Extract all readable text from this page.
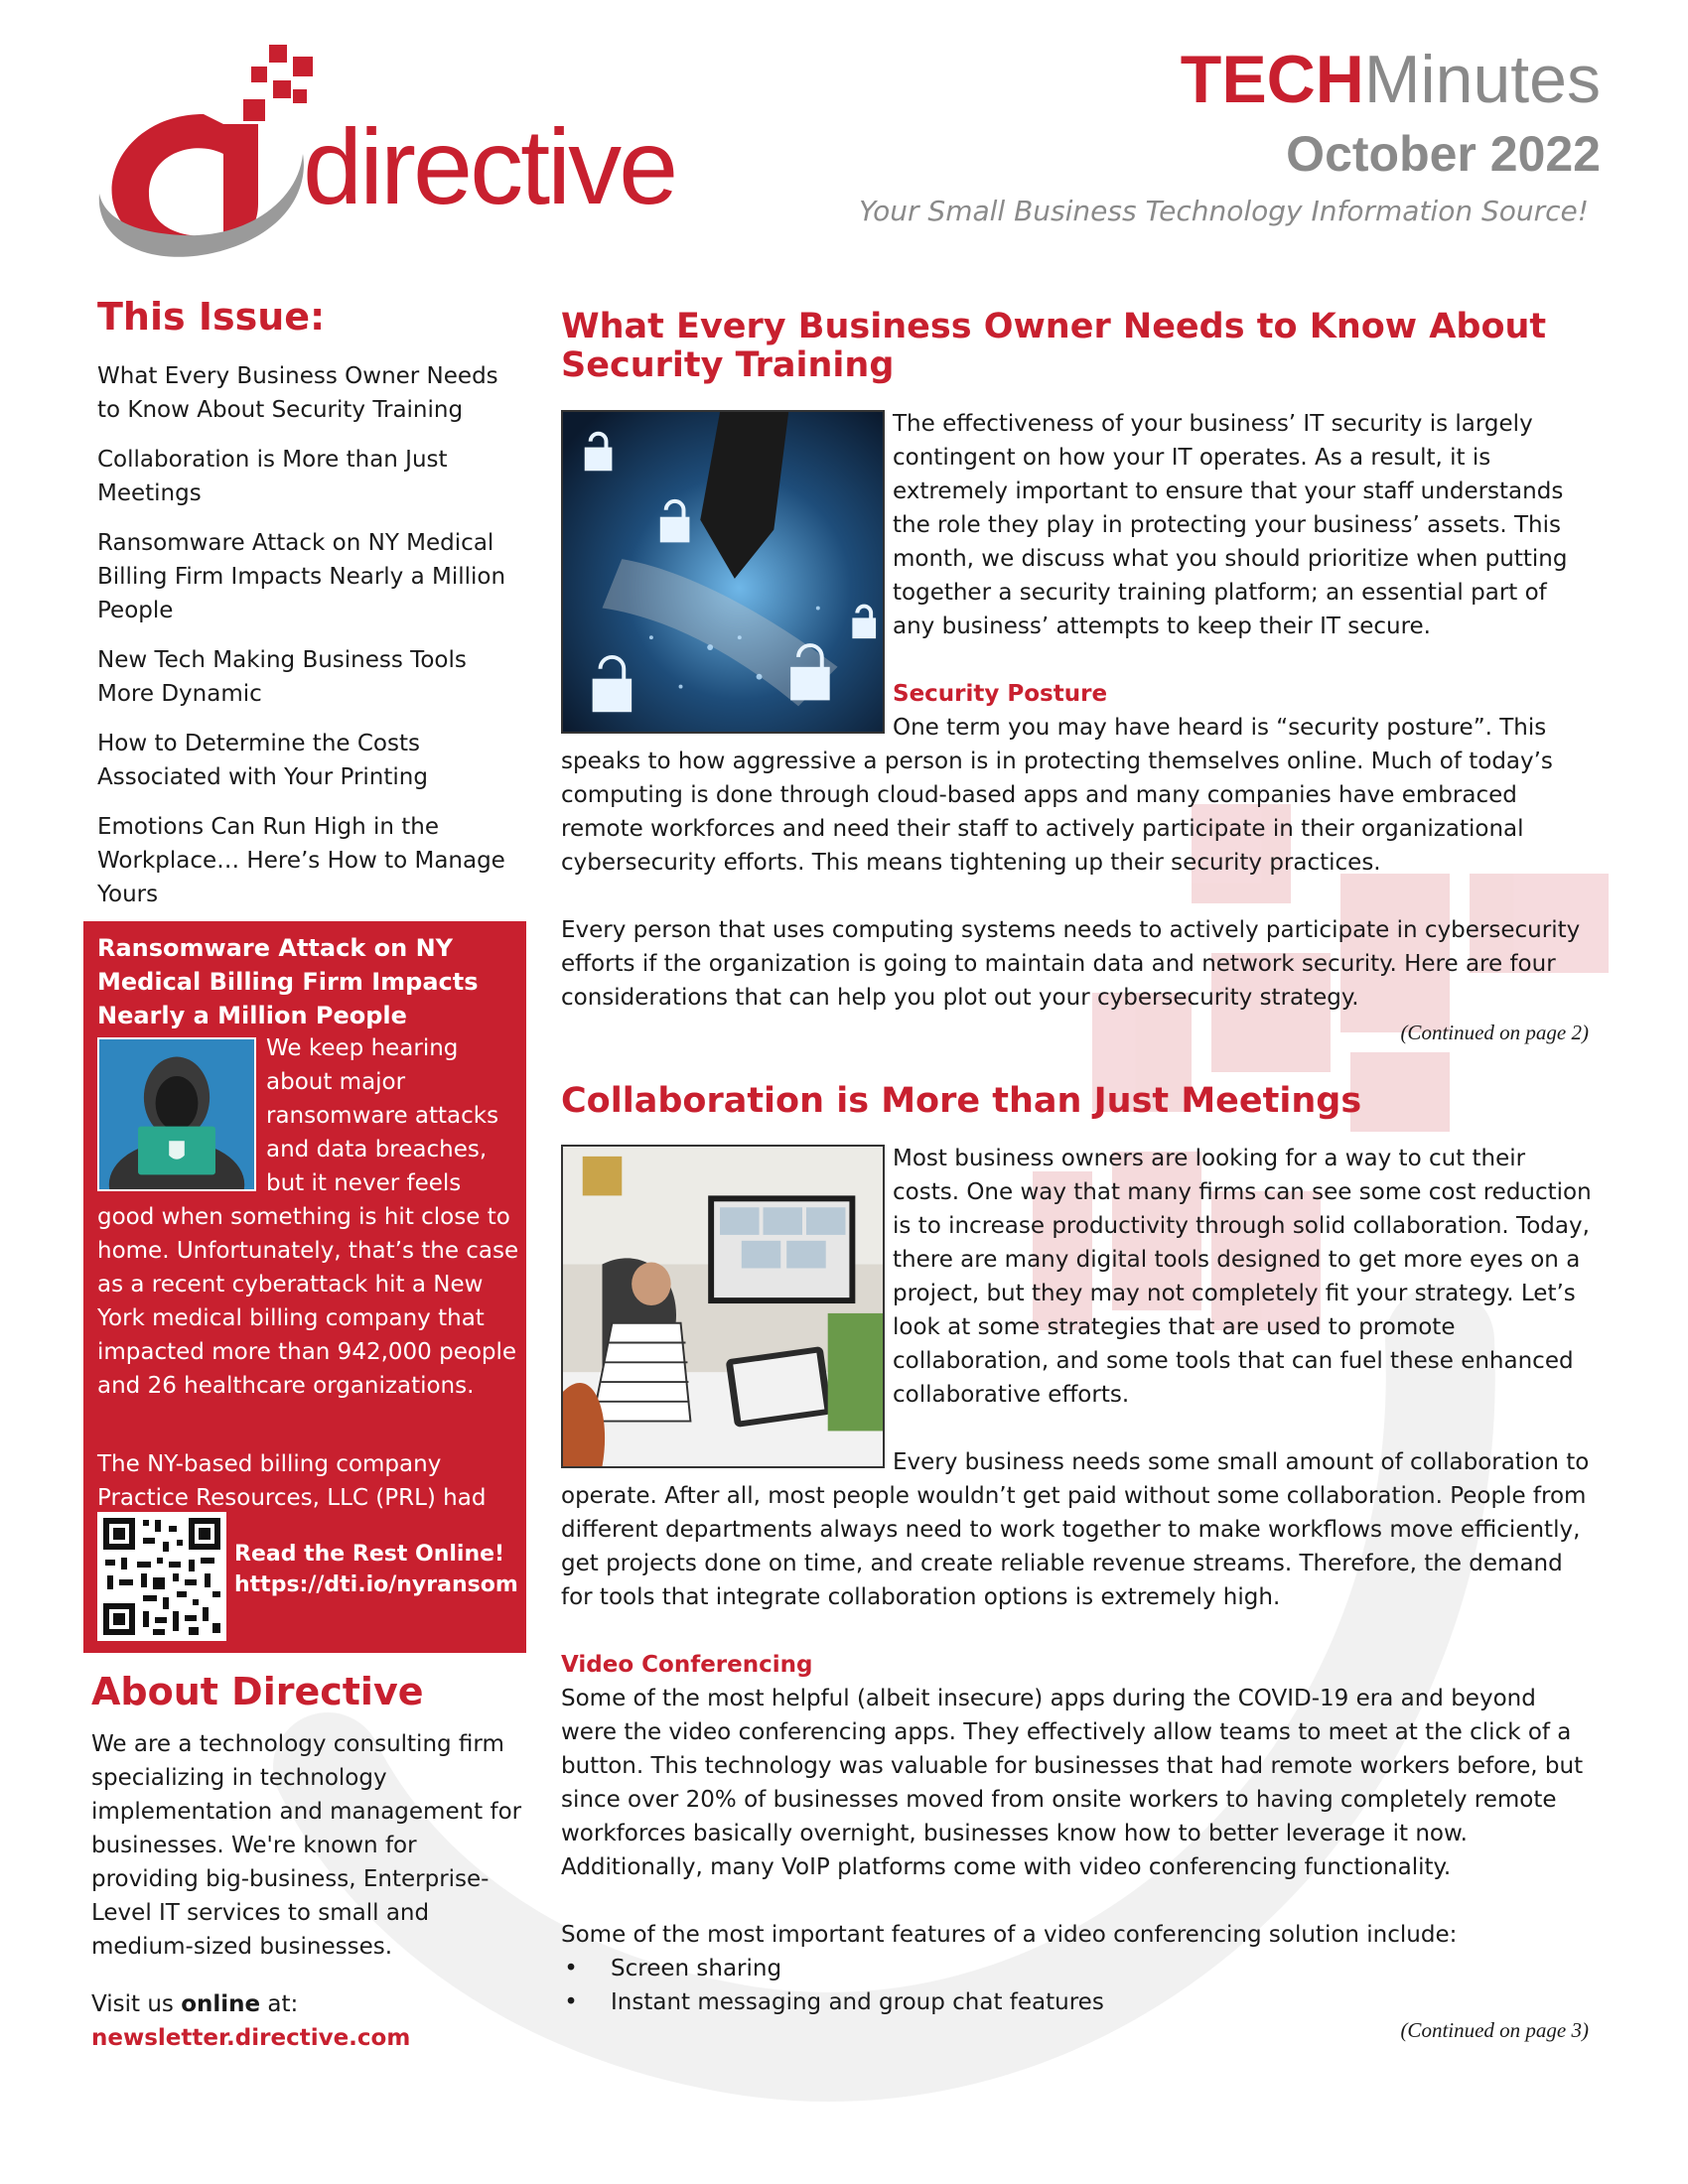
directive
TECHMinutes
October 2022
Your Small Business Technology Information Source!
This Issue:
What Every Business Owner Needs to Know About Security Training
Collaboration is More than Just Meetings
Ransomware Attack on NY Medical Billing Firm Impacts Nearly a Million People
New Tech Making Business Tools More Dynamic
How to Determine the Costs Associated with Your Printing
Emotions Can Run High in the Workplace… Here’s How to Manage Yours
Ransomware Attack on NY Medical Billing Firm Impacts Nearly a Million People
We keep hearing about major ransomware attacks and data breaches, but it never feels good when something is hit close to home. Unfortunately, that’s the case as a recent cyberattack hit a New York medical billing company that impacted more than 942,000 people and 26 healthcare organizations.
The NY-based billing company Practice Resources, LLC (PRL) had
Read the Rest Online!
https://dti.io/nyransom
About Directive
We are a technology consulting firm specializing in technology implementation and management for businesses. We're known for providing big-business, Enterprise-Level IT services to small and medium-sized businesses.
Visit us online at:
newsletter.directive.com
What Every Business Owner Needs to Know About Security Training

The effectiveness of your business’ IT security is largely contingent on how your IT operates. As a result, it is extremely important to ensure that your staff understands the role they play in protecting your business’ assets. This month, we discuss what you should prioritize when putting together a security training platform; an essential part of any business’ attempts to keep their IT secure.

Security Posture

One term you may have heard is “security posture”. This speaks to how aggressive a person is in protecting themselves online. Much of today’s computing is done through cloud-based apps and many companies have embraced remote workforces and need their staff to actively participate in their organizational cybersecurity efforts. This means tightening up their security practices.

Every person that uses computing systems needs to actively participate in cybersecurity efforts if the organization is going to maintain data and network security. Here are four considerations that can help you plot out your cybersecurity strategy.

(Continued on page 2)
Collaboration is More than Just Meetings

Most business owners are looking for a way to cut their costs. One way that many firms can see some cost reduction is to increase productivity through solid collaboration. Today, there are many digital tools designed to get more eyes on a project, but they may not completely fit your strategy. Let’s look at some strategies that are used to promote collaboration, and some tools that can fuel these enhanced collaborative efforts.

Every business needs some small amount of collaboration to operate. After all, most people wouldn’t get paid without some collaboration. People from different departments always need to work together to make workflows move efficiently, get projects done on time, and create reliable revenue streams. Therefore, the demand for tools that integrate collaboration options is extremely high.

Video Conferencing

Some of the most helpful (albeit insecure) apps during the COVID-19 era and beyond were the video conferencing apps. They effectively allow teams to meet at the click of a button. This technology was valuable for businesses that had remote workers before, but since over 20% of businesses moved from onsite workers to having completely remote workforces basically overnight, businesses know how to better leverage it now. Additionally, many VoIP platforms come with video conferencing functionality.

Some of the most important features of a video conferencing solution include:

• Screen sharing
• Instant messaging and group chat features
(Continued on page 3)
